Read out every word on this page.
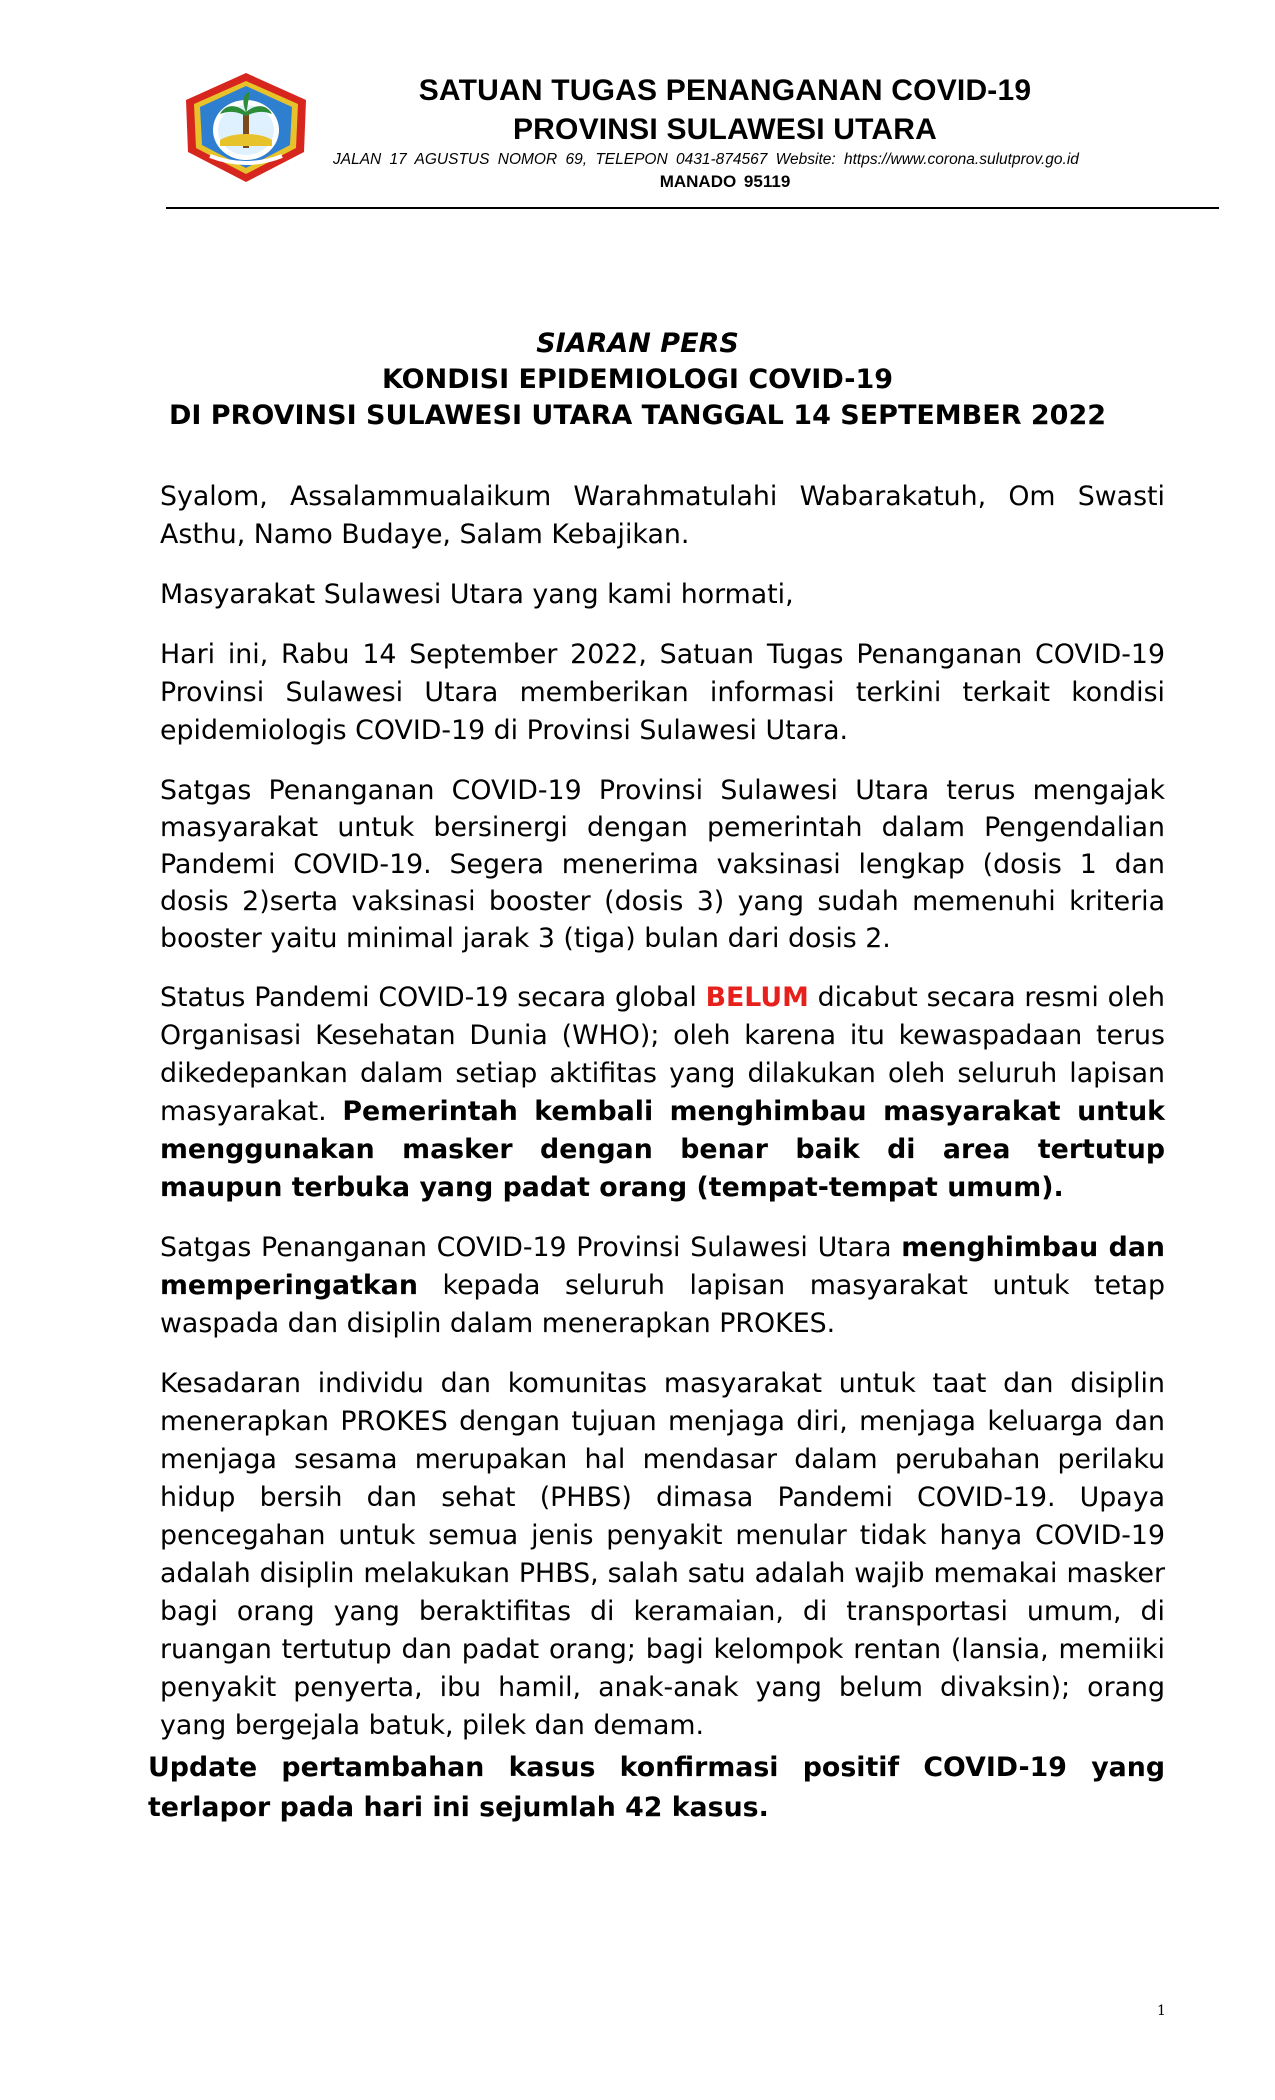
SATUAN TUGAS PENANGANAN COVID-19
PROVINSI SULAWESI UTARA
JALAN 17 AGUSTUS NOMOR 69, TELEPON 0431-874567 Website: https://www.corona.sulutprov.go.id
MANADO 95119
SIARAN PERS
KONDISI EPIDEMIOLOGI COVID-19
DI PROVINSI SULAWESI UTARA TANGGAL 14 SEPTEMBER 2022

Syalom, Assalammualaikum Warahmatulahi Wabarakatuh, Om Swasti Asthu, Namo Budaye, Salam Kebajikan.

Masyarakat Sulawesi Utara yang kami hormati,

Hari ini, Rabu 14 September 2022, Satuan Tugas Penanganan COVID-19 Provinsi Sulawesi Utara memberikan informasi terkini terkait kondisi epidemiologis COVID-19 di Provinsi Sulawesi Utara.

Satgas Penanganan COVID-19 Provinsi Sulawesi Utara terus mengajak masyarakat untuk bersinergi dengan pemerintah dalam Pengendalian Pandemi COVID-19. Segera menerima vaksinasi lengkap (dosis 1 dan dosis 2)serta vaksinasi booster (dosis 3) yang sudah memenuhi kriteria booster yaitu minimal jarak 3 (tiga) bulan dari dosis 2.

Status Pandemi COVID-19 secara global BELUM dicabut secara resmi oleh Organisasi Kesehatan Dunia (WHO); oleh karena itu kewaspadaan terus dikedepankan dalam setiap aktifitas yang dilakukan oleh seluruh lapisan masyarakat. Pemerintah kembali menghimbau masyarakat untuk menggunakan masker dengan benar baik di area tertutup maupun terbuka yang padat orang (tempat-tempat umum).

Satgas Penanganan COVID-19 Provinsi Sulawesi Utara menghimbau dan memperingatkan kepada seluruh lapisan masyarakat untuk tetap waspada dan disiplin dalam menerapkan PROKES.

Kesadaran individu dan komunitas masyarakat untuk taat dan disiplin menerapkan PROKES dengan tujuan menjaga diri, menjaga keluarga dan menjaga sesama merupakan hal mendasar dalam perubahan perilaku hidup bersih dan sehat (PHBS) dimasa Pandemi COVID-19. Upaya pencegahan untuk semua jenis penyakit menular tidak hanya COVID-19 adalah disiplin melakukan PHBS, salah satu adalah wajib memakai masker bagi orang yang beraktifitas di keramaian, di transportasi umum, di ruangan tertutup dan padat orang; bagi kelompok rentan (lansia, memiiki penyakit penyerta, ibu hamil, anak-anak yang belum divaksin); orang yang bergejala batuk, pilek dan demam.

Update pertambahan kasus konfirmasi positif COVID-19 yang terlapor pada hari ini sejumlah 42 kasus.

1
